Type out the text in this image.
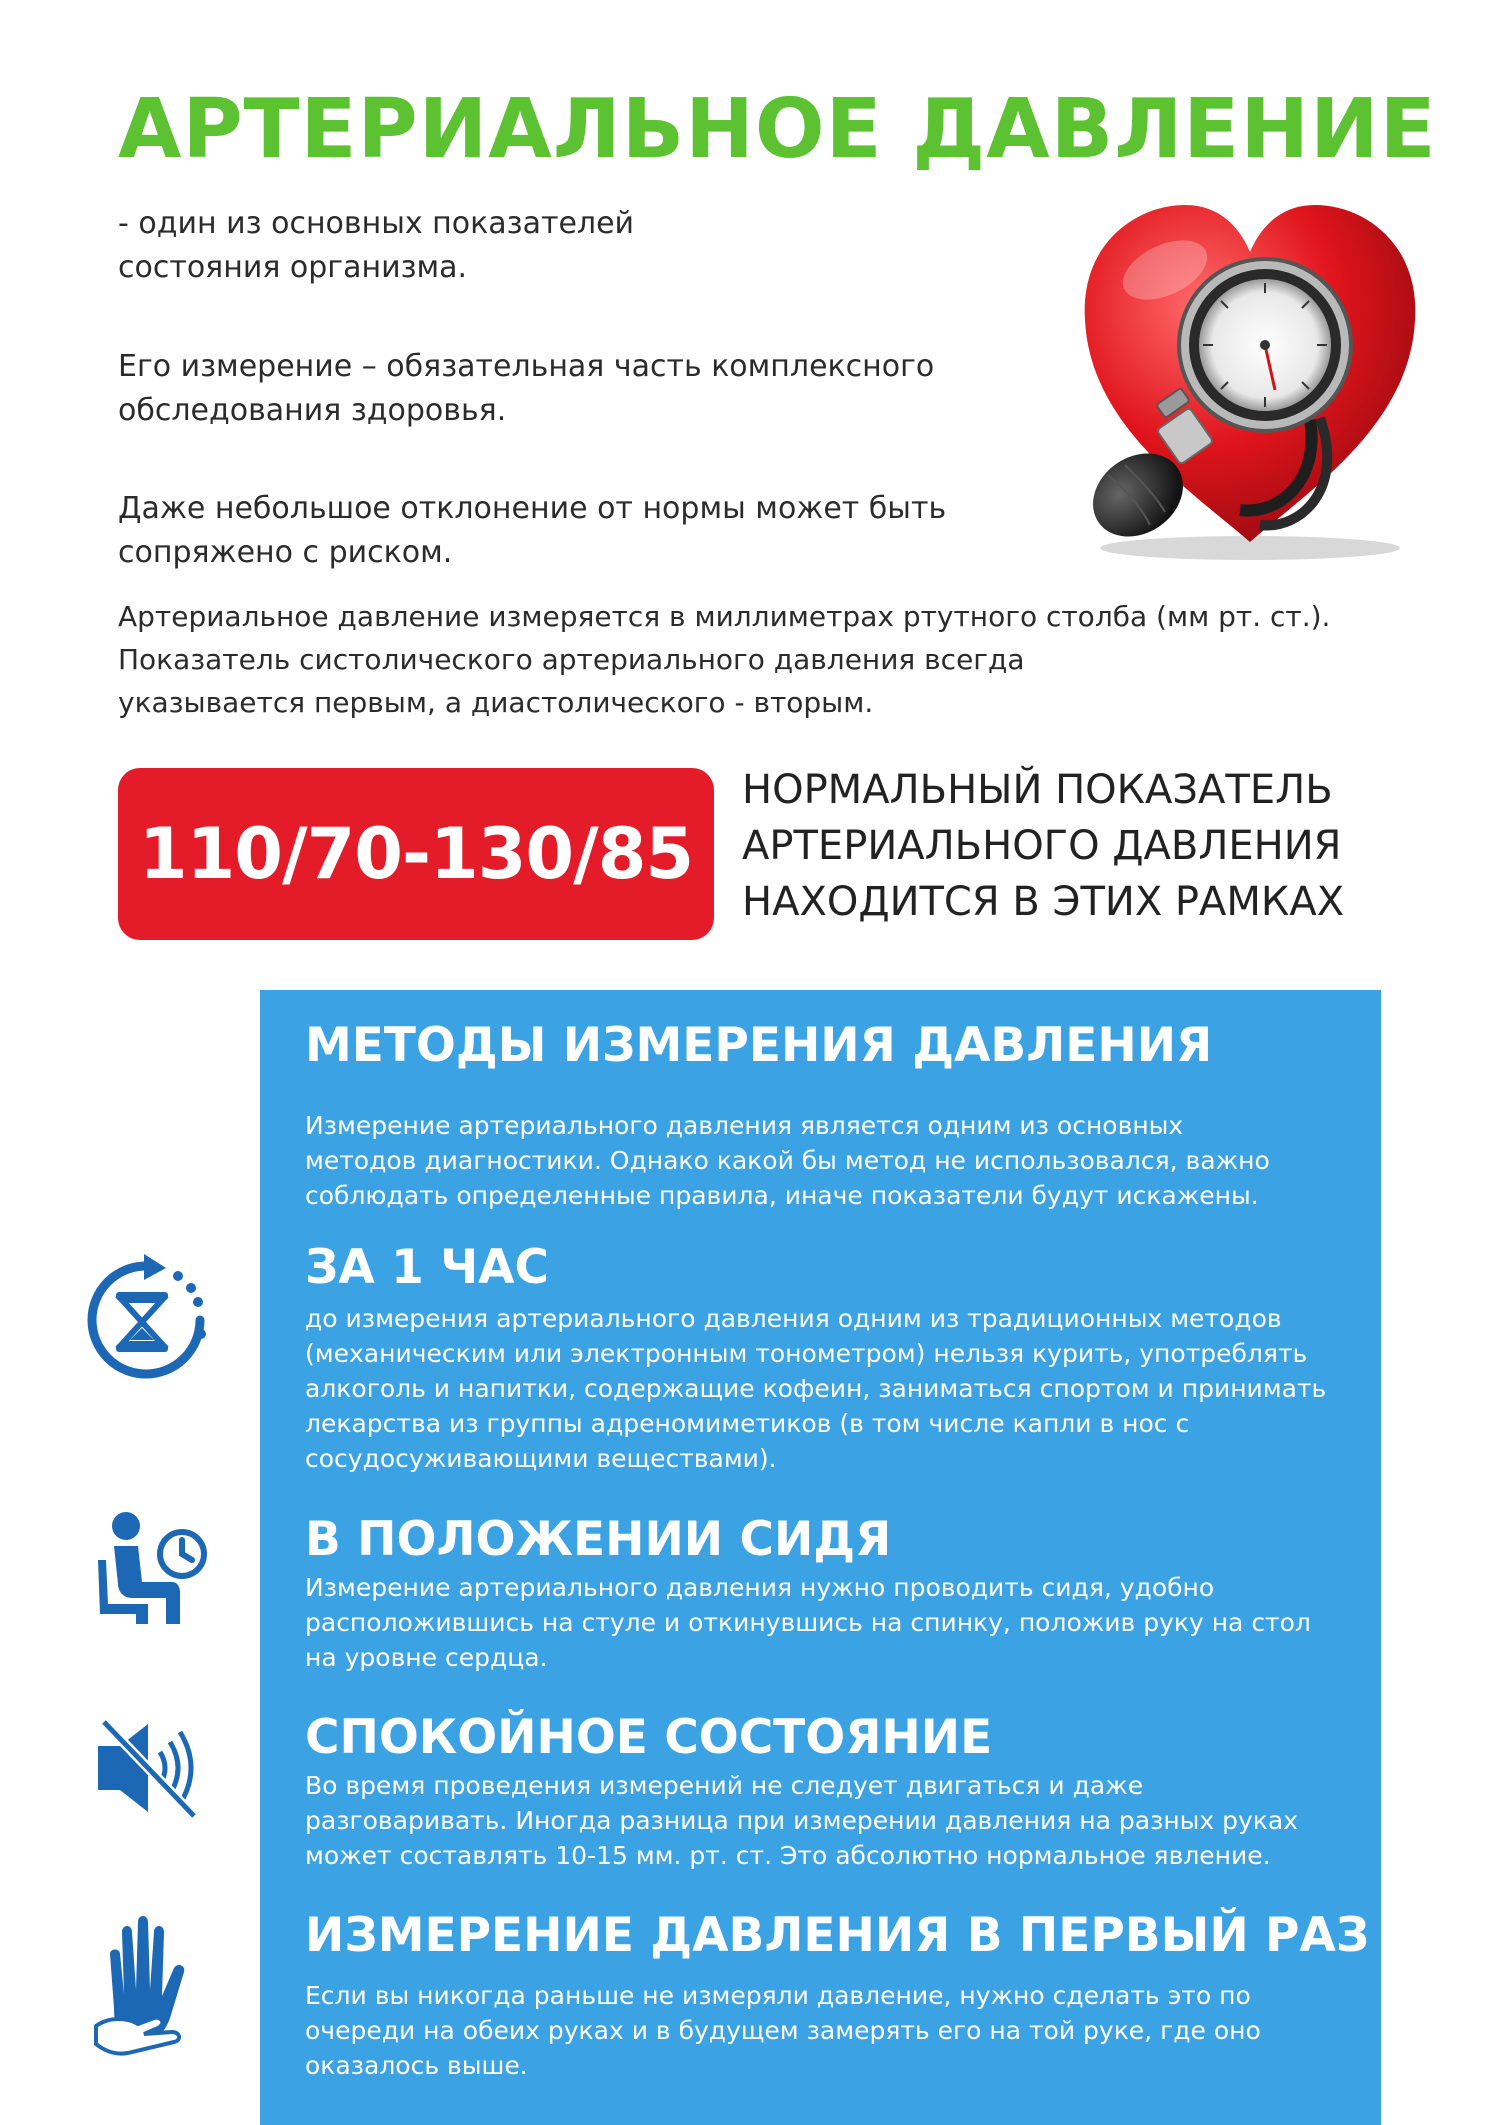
АРТЕРИАЛЬНОЕ ДАВЛЕНИЕ

- один из основных показателей
состояния организма.

Его измерение – обязательная часть комплексного
обследования здоровья.

Даже небольшое отклонение от нормы может быть
сопряжено с риском.

Артериальное давление измеряется в миллиметрах ртутного столба (мм рт. ст.).
Показатель систолического артериального давления всегда
указывается первым, а диастолического - вторым.

110/70-130/85

НОРМАЛЬНЫЙ ПОКАЗАТЕЛЬ
АРТЕРИАЛЬНОГО ДАВЛЕНИЯ
НАХОДИТСЯ В ЭТИХ РАМКАХ

МЕТОДЫ ИЗМЕРЕНИЯ ДАВЛЕНИЯ

Измерение артериального давления является одним из основных
методов диагностики. Однако какой бы метод не использовался, важно
соблюдать определенные правила, иначе показатели будут искажены.

ЗА 1 ЧАС

до измерения артериального давления одним из традиционных методов
(механическим или электронным тонометром) нельзя курить, употреблять
алкоголь и напитки, содержащие кофеин, заниматься спортом и принимать
лекарства из группы адреномиметиков (в том числе капли в нос с
сосудосуживающими веществами).

В ПОЛОЖЕНИИ СИДЯ

Измерение артериального давления нужно проводить сидя, удобно
расположившись на стуле и откинувшись на спинку, положив руку на стол
на уровне сердца.

СПОКОЙНОЕ СОСТОЯНИЕ

Во время проведения измерений не следует двигаться и даже
разговаривать. Иногда разница при измерении давления на разных руках
может составлять 10-15 мм. рт. ст. Это абсолютно нормальное явление.

ИЗМЕРЕНИЕ ДАВЛЕНИЯ В ПЕРВЫЙ РАЗ

Если вы никогда раньше не измеряли давление, нужно сделать это по
очереди на обеих руках и в будущем замерять его на той руке, где оно
оказалось выше.
